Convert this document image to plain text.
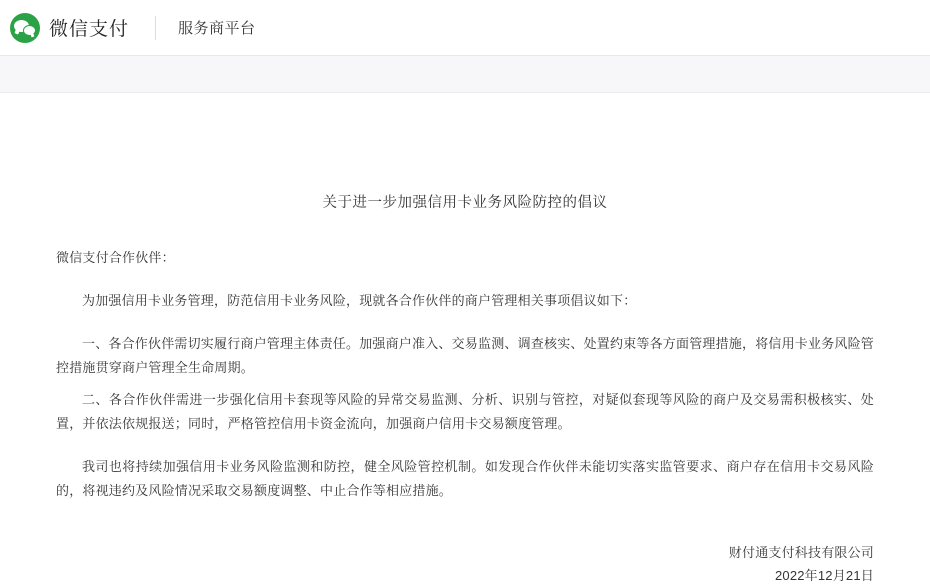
微信支付	服务商平台
关于进一步加强信用卡业务风险防控的倡议

微信支付合作伙伴：

为加强信用卡业务管理，防范信用卡业务风险，现就各合作伙伴的商户管理相关事项倡议如下：

一、各合作伙伴需切实履行商户管理主体责任。加强商户准入、交易监测、调查核实、处置约束等各方面管理措施，将信用卡业务风险管控措施贯穿商户管理全生命周期。

二、各合作伙伴需进一步强化信用卡套现等风险的异常交易监测、分析、识别与管控，对疑似套现等风险的商户及交易需积极核实、处置，并依法依规报送；同时，严格管控信用卡资金流向，加强商户信用卡交易额度管理。

我司也将持续加强信用卡业务风险监测和防控，健全风险管控机制。如发现合作伙伴未能切实落实监管要求、商户存在信用卡交易风险的，将视违约及风险情况采取交易额度调整、中止合作等相应措施。

财付通支付科技有限公司
2022年12月21日
